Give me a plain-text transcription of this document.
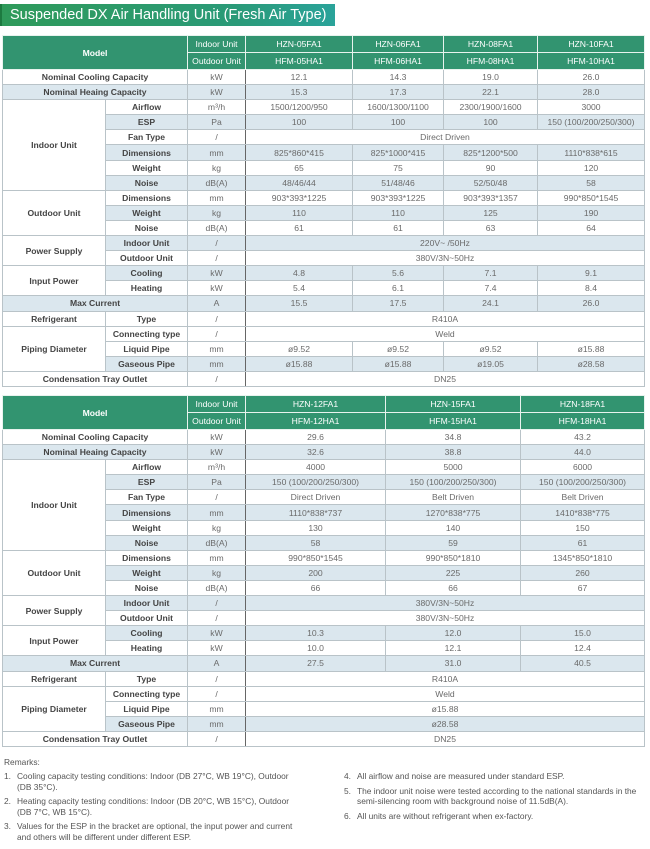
Suspended DX Air Handling Unit (Fresh Air Type)
Model		Indoor Unit	HZN-05FA1	HZN-06FA1	HZN-08FA1	HZN-10FA1
		Outdoor Unit	HFM-05HA1	HFM-06HA1	HFM-08HA1	HFM-10HA1
Nominal Cooling Capacity		kW	12.1	14.3	19.0	26.0
Nominal Heaing Capacity		kW	15.3	17.3	22.1	28.0
Indoor Unit	Airflow	m³/h	1500/1200/950	1600/1300/1100	2300/1900/1600	3000
	ESP	Pa	100	100	100	150 (100/200/250/300)
	Fan Type	/	Direct Driven			
	Dimensions	mm	825*860*415	825*1000*415	825*1200*500	1110*838*615
	Weight	kg	65	75	90	120
	Noise	dB(A)	48/46/44	51/48/46	52/50/48	58
Outdoor Unit	Dimensions	mm	903*393*1225	903*393*1225	903*393*1357	990*850*1545
	Weight	kg	110	110	125	190
	Noise	dB(A)	61	61	63	64
Power Supply	Indoor Unit	/	220V~ /50Hz			
	Outdoor Unit	/	380V/3N~50Hz			
Input Power	Cooling	kW	4.8	5.6	7.1	9.1
	Heating	kW	5.4	6.1	7.4	8.4
Max Current		A	15.5	17.5	24.1	26.0
Refrigerant	Type	/	R410A			
Piping Diameter	Connecting type	/	Weld			
	Liquid Pipe	mm	ø9.52	ø9.52	ø9.52	ø15.88
	Gaseous Pipe	mm	ø15.88	ø15.88	ø19.05	ø28.58
Condensation Tray Outlet		/	DN25			
Model		Indoor Unit	HZN-12FA1	HZN-15FA1	HZN-18FA1
		Outdoor Unit	HFM-12HA1	HFM-15HA1	HFM-18HA1
Nominal Cooling Capacity		kW	29.6	34.8	43.2
Nominal Heaing Capacity		kW	32.6	38.8	44.0
Indoor Unit	Airflow	m³/h	4000	5000	6000
	ESP	Pa	150 (100/200/250/300)	150 (100/200/250/300)	150 (100/200/250/300)
	Fan Type	/	Direct Driven	Belt Driven	Belt Driven
	Dimensions	mm	1110*838*737	1270*838*775	1410*838*775
	Weight	kg	130	140	150
	Noise	dB(A)	58	59	61
Outdoor Unit	Dimensions	mm	990*850*1545	990*850*1810	1345*850*1810
	Weight	kg	200	225	260
	Noise	dB(A)	66	66	67
Power Supply	Indoor Unit	/	380V/3N~50Hz		
	Outdoor Unit	/	380V/3N~50Hz		
Input Power	Cooling	kW	10.3	12.0	15.0
	Heating	kW	10.0	12.1	12.4
Max Current		A	27.5	31.0	40.5
Refrigerant	Type	/	R410A		
Piping Diameter	Connecting type	/	Weld		
	Liquid Pipe	mm	ø15.88		
	Gaseous Pipe	mm	ø28.58		
Condensation Tray Outlet		/	DN25		
Remarks:
1. Cooling capacity testing conditions: Indoor (DB 27°C, WB 19°C), Outdoor (DB 35°C).
2. Heating capacity testing conditions: Indoor (DB 20°C, WB 15°C), Outdoor (DB 7°C, WB 15°C).
3. Values for the ESP in the bracket are optional, the input power and current and others will be different under different ESP.
4. All airflow and noise are measured under standard ESP.
5. The indoor unit noise were tested according to the national standards in the semi-silencing room with background noise of 11.5dB(A).
6. All units are without refrigerant when ex-factory.
